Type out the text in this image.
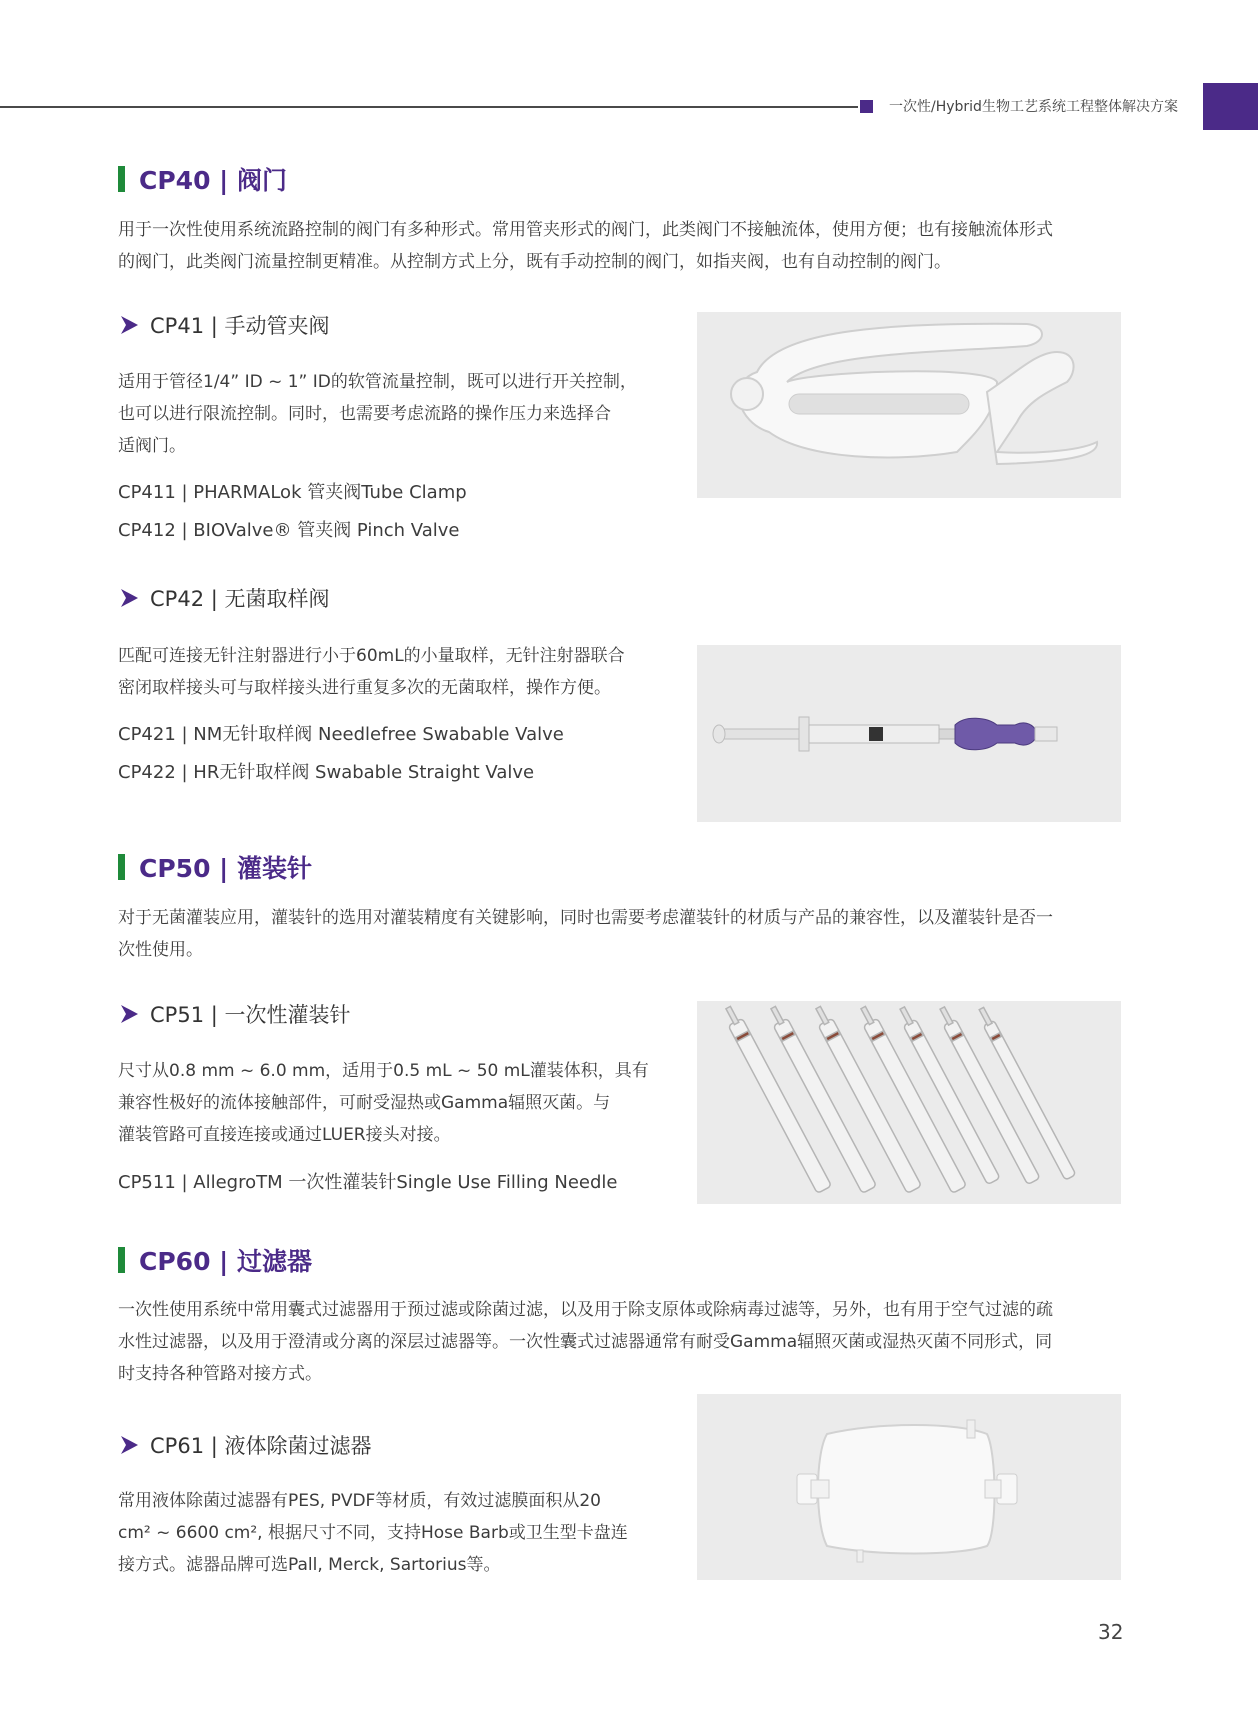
一次性/Hybrid生物工艺系统工程整体解决方案
CP40 | 阀门
用于一次性使用系统流路控制的阀门有多种形式。常用管夹形式的阀门，此类阀门不接触流体，使用方便；也有接触流体形式
的阀门，此类阀门流量控制更精准。从控制方式上分，既有手动控制的阀门，如指夹阀，也有自动控制的阀门。
CP41 | 手动管夹阀
适用于管径1/4” ID ~ 1” ID的软管流量控制，既可以进行开关控制，
也可以进行限流控制。同时，也需要考虑流路的操作压力来选择合
适阀门。
CP411 | PHARMALok 管夹阀Tube Clamp
CP412 | BIOValve® 管夹阀 Pinch Valve
CP42 | 无菌取样阀
匹配可连接无针注射器进行小于60mL的小量取样，无针注射器联合
密闭取样接头可与取样接头进行重复多次的无菌取样，操作方便。
CP421 | NM无针取样阀 Needlefree Swabable Valve
CP422 | HR无针取样阀 Swabable Straight Valve
CP50 | 灌装针
对于无菌灌装应用，灌装针的选用对灌装精度有关键影响，同时也需要考虑灌装针的材质与产品的兼容性，以及灌装针是否一
次性使用。
CP51 | 一次性灌装针
尺寸从0.8 mm ~ 6.0 mm，适用于0.5 mL ~ 50 mL灌装体积，具有
兼容性极好的流体接触部件，可耐受湿热或Gamma辐照灭菌。与
灌装管路可直接连接或通过LUER接头对接。
CP511 | AllegroTM 一次性灌装针Single Use Filling Needle
CP60 | 过滤器
一次性使用系统中常用囊式过滤器用于预过滤或除菌过滤，以及用于除支原体或除病毒过滤等，另外，也有用于空气过滤的疏
水性过滤器，以及用于澄清或分离的深层过滤器等。一次性囊式过滤器通常有耐受Gamma辐照灭菌或湿热灭菌不同形式，同
时支持各种管路对接方式。
CP61 | 液体除菌过滤器
常用液体除菌过滤器有PES, PVDF等材质，有效过滤膜面积从20
cm² ~ 6600 cm², 根据尺寸不同，支持Hose Barb或卫生型卡盘连
接方式。滤器品牌可选Pall, Merck, Sartorius等。
32
